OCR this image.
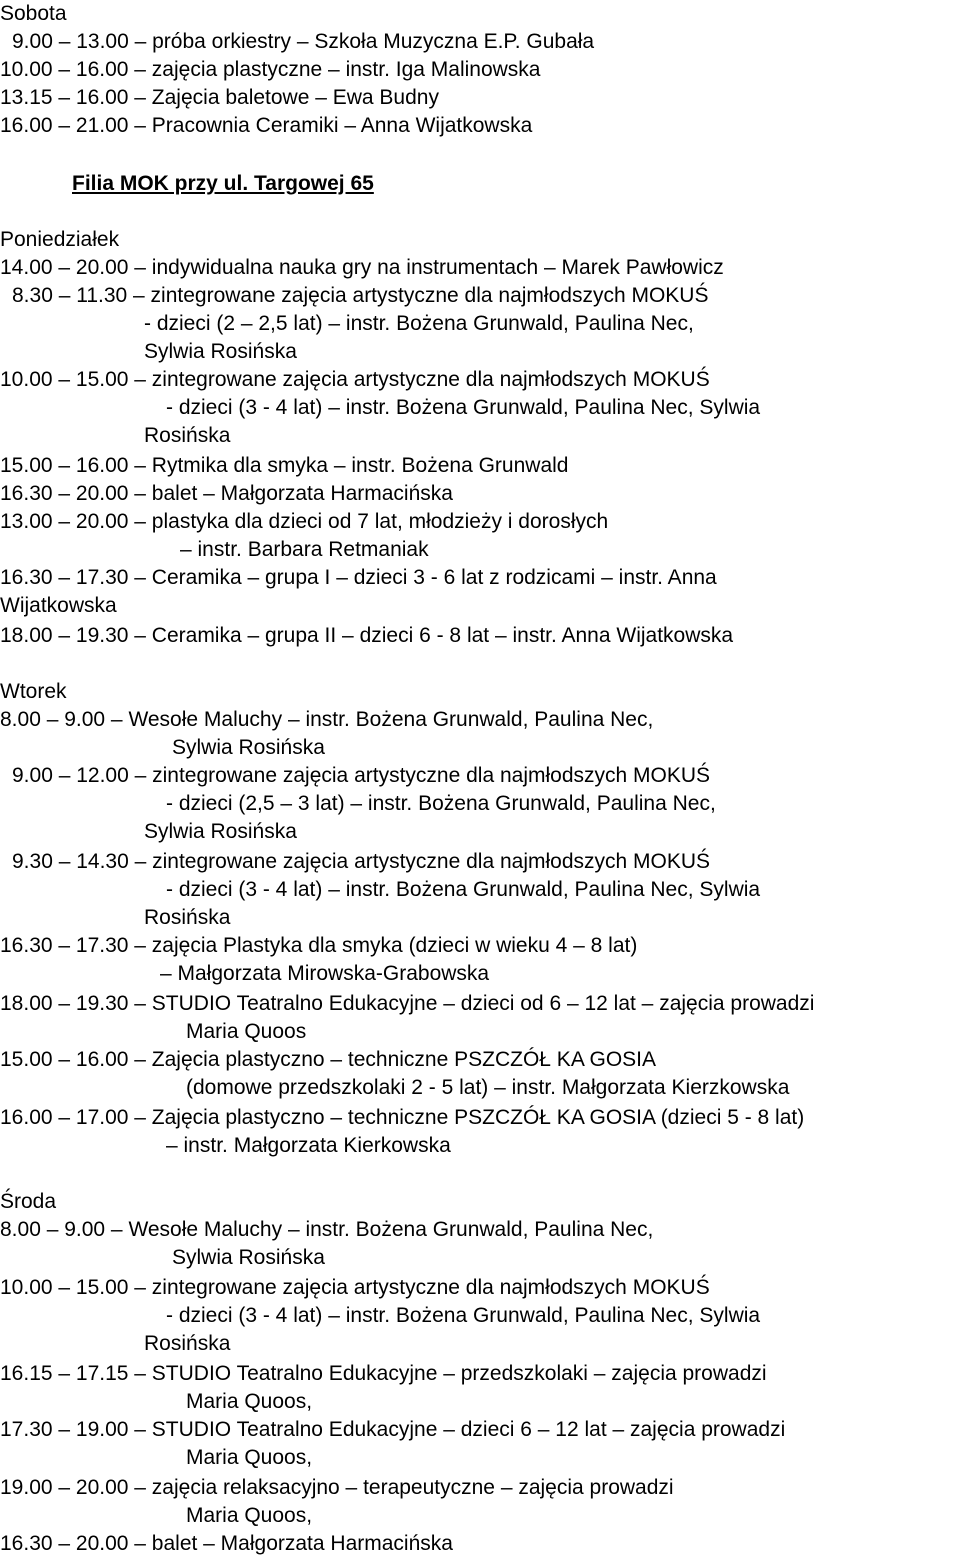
Sobota
9.00 – 13.00 – próba orkiestry – Szkoła Muzyczna E.P. Gubała
10.00 – 16.00 – zajęcia plastyczne – instr. Iga Malinowska
13.15 – 16.00 – Zajęcia baletowe – Ewa Budny
16.00 – 21.00 – Pracownia Ceramiki – Anna Wijatkowska
Filia MOK przy ul. Targowej 65
Poniedziałek
14.00 – 20.00 – indywidualna nauka gry na instrumentach – Marek Pawłowicz
8.30 – 11.30 – zintegrowane zajęcia artystyczne dla najmłodszych MOKUŚ
- dzieci (2 – 2,5 lat) – instr. Bożena Grunwald, Paulina Nec,
Sylwia Rosińska
10.00 – 15.00 – zintegrowane zajęcia artystyczne dla najmłodszych MOKUŚ
- dzieci (3 - 4 lat) – instr. Bożena Grunwald, Paulina Nec, Sylwia
Rosińska
15.00 – 16.00 – Rytmika dla smyka – instr. Bożena Grunwald
16.30 – 20.00 – balet – Małgorzata Harmacińska
13.00 – 20.00 – plastyka dla dzieci od 7 lat, młodzieży i dorosłych
– instr. Barbara Retmaniak
16.30 – 17.30 – Ceramika – grupa I – dzieci 3 - 6 lat z rodzicami – instr. Anna
Wijatkowska
18.00 – 19.30 – Ceramika – grupa II – dzieci 6 - 8 lat – instr. Anna Wijatkowska
Wtorek
8.00 – 9.00 – Wesołe Maluchy – instr. Bożena Grunwald, Paulina Nec,
Sylwia Rosińska
9.00 – 12.00 – zintegrowane zajęcia artystyczne dla najmłodszych MOKUŚ
- dzieci (2,5 – 3 lat) – instr. Bożena Grunwald, Paulina Nec,
Sylwia Rosińska
9.30 – 14.30 – zintegrowane zajęcia artystyczne dla najmłodszych MOKUŚ
- dzieci (3 - 4 lat) – instr. Bożena Grunwald, Paulina Nec, Sylwia
Rosińska
16.30 – 17.30 – zajęcia Plastyka dla smyka (dzieci w wieku 4 – 8 lat)
– Małgorzata Mirowska-Grabowska
18.00 – 19.30 – STUDIO Teatralno Edukacyjne – dzieci od 6 – 12 lat – zajęcia prowadzi
Maria Quoos
15.00 – 16.00 – Zajęcia plastyczno – techniczne PSZCZÓŁ KA GOSIA
(domowe przedszkolaki 2 - 5 lat) – instr. Małgorzata Kierzkowska
16.00 – 17.00 – Zajęcia plastyczno – techniczne PSZCZÓŁ KA GOSIA (dzieci 5 - 8 lat)
– instr. Małgorzata Kierkowska
Środa
8.00 – 9.00 – Wesołe Maluchy – instr. Bożena Grunwald, Paulina Nec,
Sylwia Rosińska
10.00 – 15.00 – zintegrowane zajęcia artystyczne dla najmłodszych MOKUŚ
- dzieci (3 - 4 lat) – instr. Bożena Grunwald, Paulina Nec, Sylwia
Rosińska
16.15 – 17.15 – STUDIO Teatralno Edukacyjne – przedszkolaki – zajęcia prowadzi
Maria Quoos,
17.30 – 19.00 – STUDIO Teatralno Edukacyjne – dzieci 6 – 12 lat – zajęcia prowadzi
Maria Quoos,
19.00 – 20.00 – zajęcia relaksacyjno – terapeutyczne – zajęcia prowadzi
Maria Quoos,
16.30 – 20.00 – balet – Małgorzata Harmacińska
